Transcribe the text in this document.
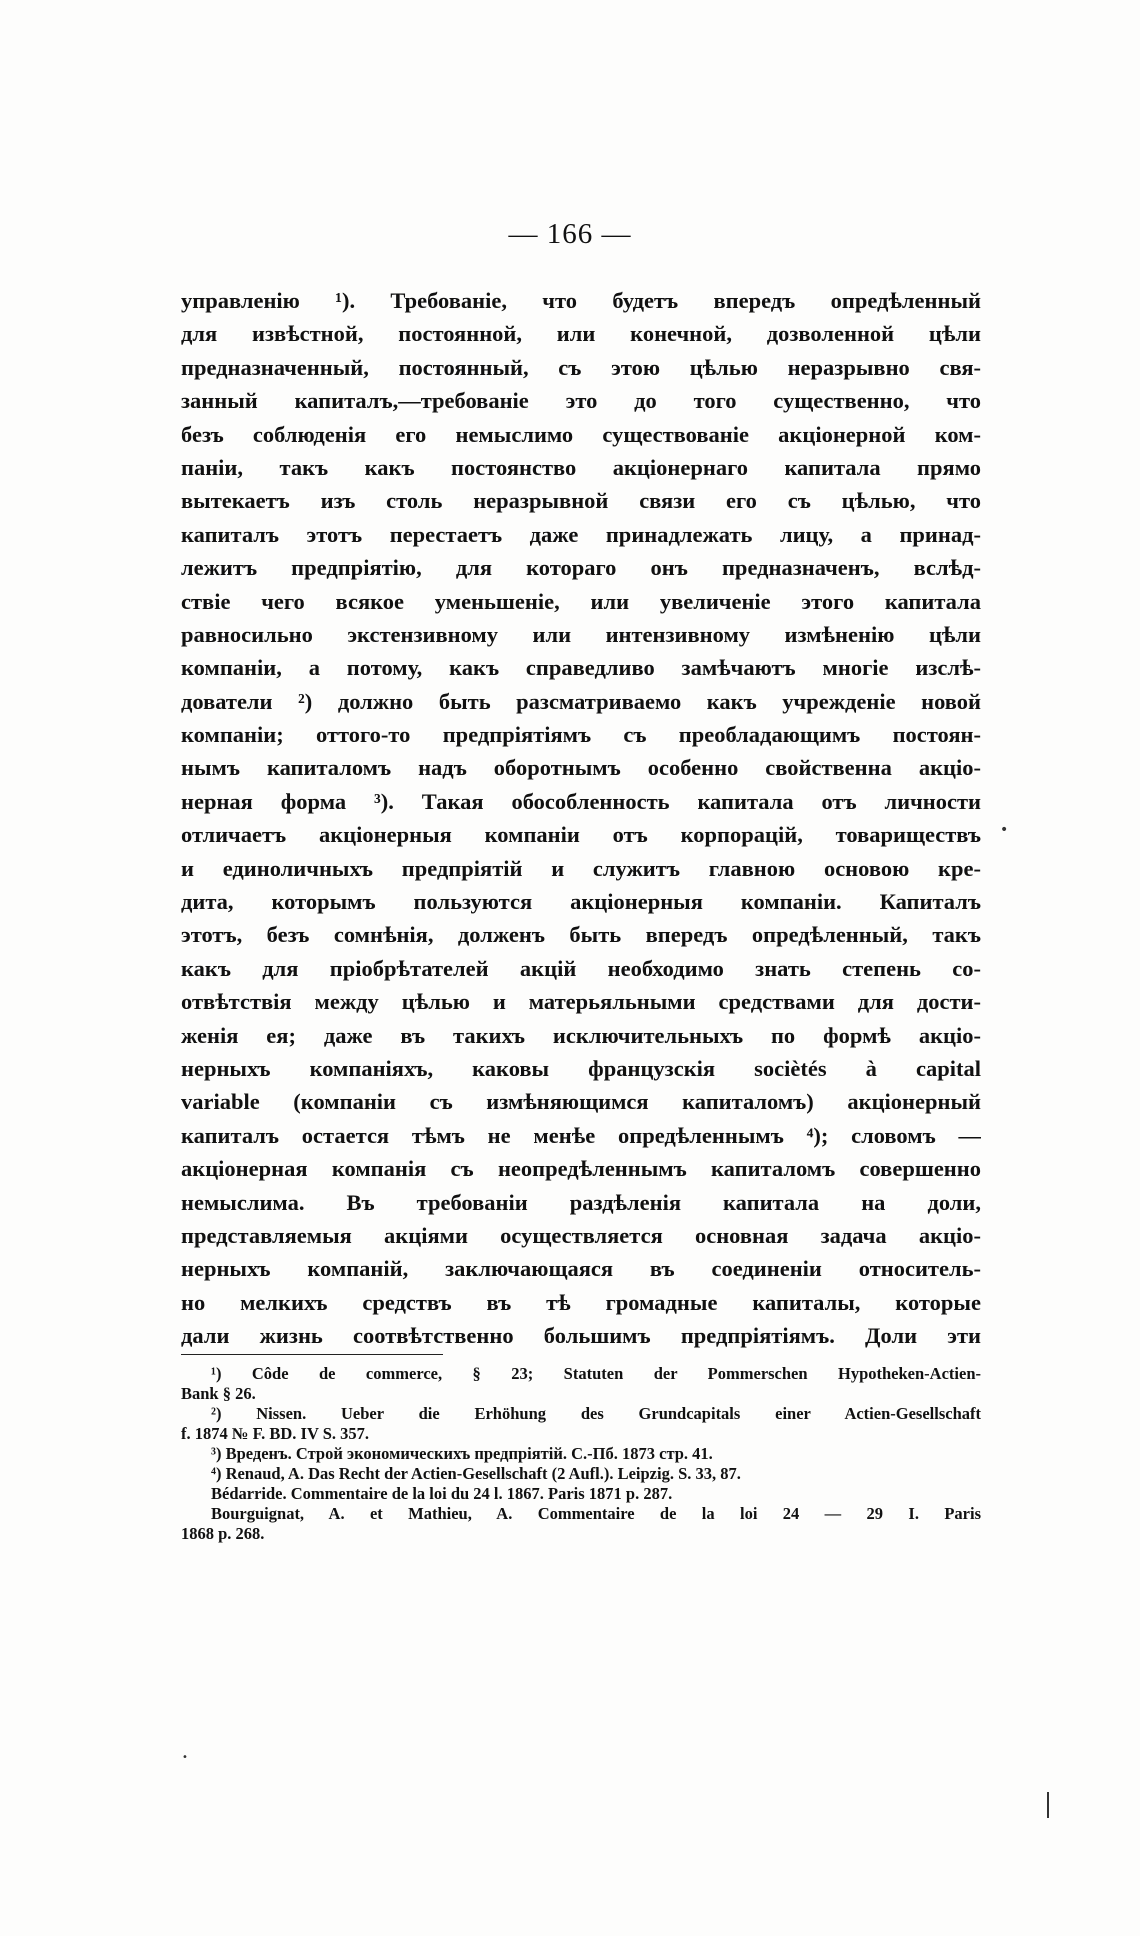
— 166 —
управленію ¹). Требованіе, что будетъ впередъ опредѣленный
для извѣстной, постоянной, или конечной, дозволенной цѣли
предназначенный, постоянный, съ этою цѣлью неразрывно свя-
занный капиталъ,—требованіе это до того существенно, что
безъ соблюденія его немыслимо существованіе акціонерной ком-
паніи, такъ какъ постоянство акціонернаго капитала прямо
вытекаетъ изъ столь неразрывной связи его съ цѣлью, что
капиталъ этотъ перестаетъ даже принадлежать лицу, а принад-
лежитъ предпріятію, для котораго онъ предназначенъ, вслѣд-
ствіе чего всякое уменьшеніе, или увеличеніе этого капитала
равносильно экстензивному или интензивному измѣненію цѣли
компаніи, а потому, какъ справедливо замѣчаютъ многіе изслѣ-
дователи ²) должно быть разсматриваемо какъ учрежденіе новой
компаніи; оттого-то предпріятіямъ съ преобладающимъ постоян-
нымъ капиталомъ надъ оборотнымъ особенно свойственна акціо-
нерная форма ³). Такая обособленность капитала отъ личности
отличаетъ акціонерныя компаніи отъ корпорацій, товариществъ
и единоличныхъ предпріятій и служитъ главною основою кре-
дита, которымъ пользуются акціонерныя компаніи. Капиталъ
этотъ, безъ сомнѣнія, долженъ быть впередъ опредѣленный, такъ
какъ для пріобрѣтателей акцій необходимо знать степень со-
отвѣтствія между цѣлью и матерьяльными средствами для дости-
женія ея; даже въ такихъ исключительныхъ по формѣ акціо-
нерныхъ компаніяхъ, каковы французскія sociètés à capital
variable (компаніи съ измѣняющимся капиталомъ) акціонерный
капиталъ остается тѣмъ не менѣе опредѣленнымъ ⁴); словомъ —
акціонерная компанія съ неопредѣленнымъ капиталомъ совершенно
немыслима. Въ требованіи раздѣленія капитала на доли,
представляемыя акціями осуществляется основная задача акціо-
нерныхъ компаній, заключающаяся въ соединеніи относитель-
но мелкихъ средствъ въ тѣ громадные капиталы, которые
дали жизнь соотвѣтственно большимъ предпріятіямъ. Доли эти
¹) Côde de commerce, § 23; Statuten der Pommerschen Hypotheken-Actien-
Bank § 26.
²) Nissen. Ueber die Erhöhung des Grundcapitals einer Actien-Gesellschaft
f. 1874 № F. BD. IV S. 357.
³) Вреденъ. Строй экономическихъ предпріятій. С.-Пб. 1873 стр. 41.
⁴) Renaud, A. Das Recht der Actien-Gesellschaft (2 Aufl.). Leipzig. S. 33, 87.
Bédarride. Commentaire de la loi du 24 l. 1867. Paris 1871 p. 287.
Bourguignat, A. et Mathieu, A. Commentaire de la loi 24 — 29 I. Paris
1868 p. 268.
•
•
